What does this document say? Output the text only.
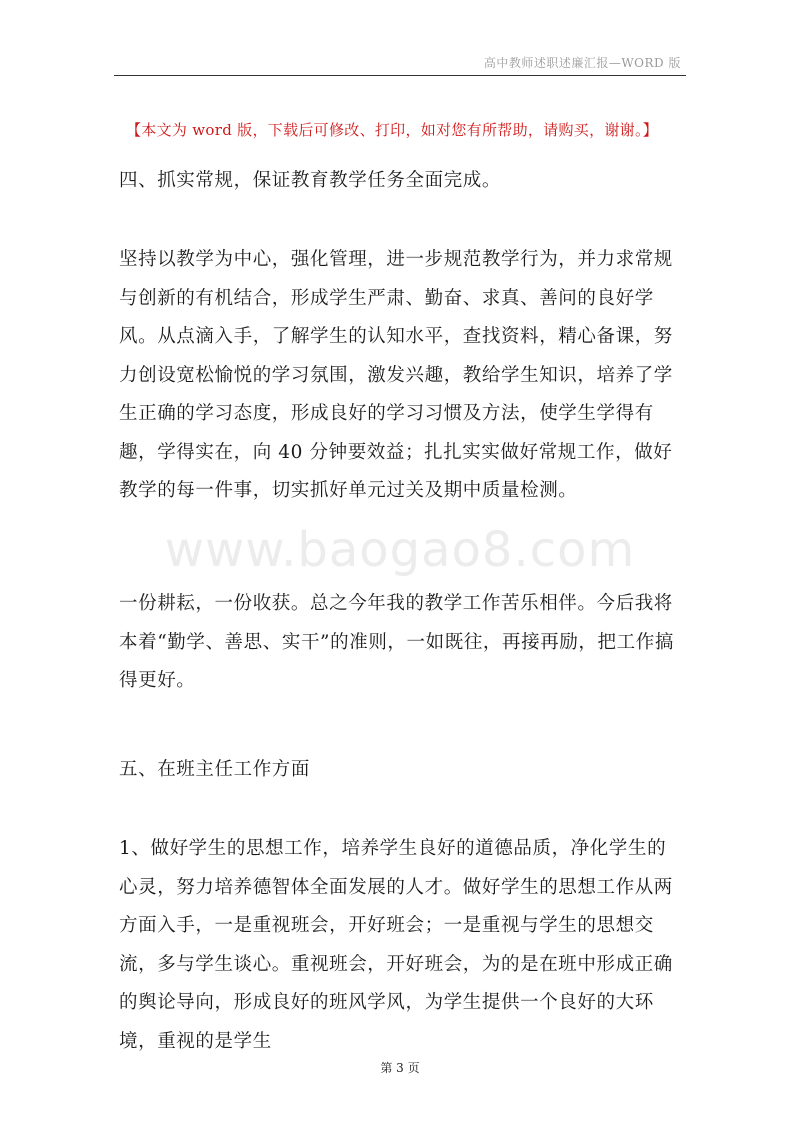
高中教师述职述廉汇报—WORD 版
【本文为 word 版，下载后可修改、打印，如对您有所帮助，请购买，谢谢。】
四、抓实常规，保证教育教学任务全面完成。
坚持以教学为中心，强化管理，进一步规范教学行为，并力求常规与创新的有机结合，形成学生严肃、勤奋、求真、善问的良好学风。从点滴入手，了解学生的认知水平，查找资料，精心备课，努力创设宽松愉悦的学习氛围，激发兴趣，教给学生知识，培养了学生正确的学习态度，形成良好的学习习惯及方法，使学生学得有趣，学得实在，向 40 分钟要效益；扎扎实实做好常规工作，做好教学的每一件事，切实抓好单元过关及期中质量检测。
www.baogao8.com
一份耕耘，一份收获。总之今年我的教学工作苦乐相伴。今后我将本着“勤学、善思、实干”的准则，一如既往，再接再励，把工作搞得更好。
五、在班主任工作方面
1、做好学生的思想工作，培养学生良好的道德品质，净化学生的心灵，努力培养德智体全面发展的人才。做好学生的思想工作从两方面入手，一是重视班会，开好班会；一是重视与学生的思想交流，多与学生谈心。重视班会，开好班会，为的是在班中形成正确的舆论导向，形成良好的班风学风，为学生提供一个良好的大环境，重视的是学生
第 3 页
